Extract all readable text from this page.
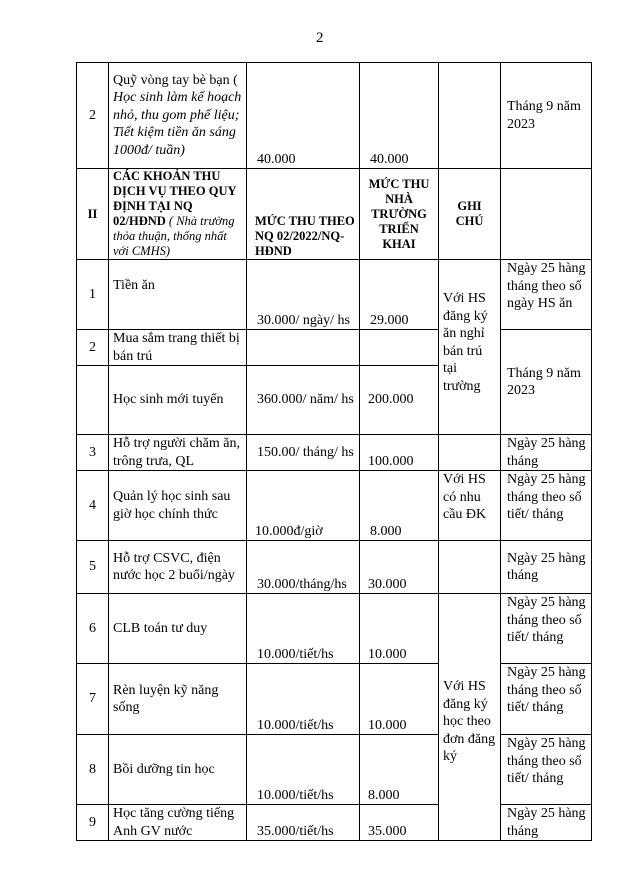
2
2	Quỹ vòng tay bè bạn ( Học sinh làm kế hoạch nhỏ, thu gom phế liệu; Tiết kiệm tiền ăn sáng 1000đ/ tuần)	40.000	40.000		Tháng 9 năm 2023
II	CÁC KHOẢN THU DỊCH VỤ THEO QUY ĐỊNH TẠI NQ 02/HĐND ( Nhà trường thỏa thuận, thống nhất với CMHS)	MỨC THU THEO NQ 02/2022/NQ-HĐND	MỨC THU NHÀ TRƯỜNG TRIỂN KHAI	GHI CHÚ	
1	Tiền ăn	30.000/ ngày/ hs	29.000	Với HS đăng ký ăn nghỉ bán trú tại trường	Ngày 25 hàng tháng theo số ngày HS ăn
2	Mua sắm trang thiết bị bán trú				Tháng 9 năm 2023
	Học sinh mới tuyển	360.000/ năm/ hs	200.000		
3	Hỗ trợ người chăm ăn, trông trưa, QL	150.00/ tháng/ hs	100.000		Ngày 25 hàng tháng
4	Quản lý học sinh sau giờ học chính thức	10.000đ/giờ	8.000	Với HS có nhu cầu ĐK	Ngày 25 hàng tháng theo số tiết/ tháng
5	Hỗ trợ CSVC, điện nước học 2 buổi/ngày	30.000/tháng/hs	30.000		Ngày 25 hàng tháng
6	CLB toán tư duy	10.000/tiết/hs	10.000	Với HS đăng ký học theo đơn đăng ký	Ngày 25 hàng tháng theo số tiết/ tháng
7	Rèn luyện kỹ năng sống	10.000/tiết/hs	10.000		Ngày 25 hàng tháng theo số tiết/ tháng
8	Bồi dưỡng tin học	10.000/tiết/hs	8.000		Ngày 25 hàng tháng theo số tiết/ tháng
9	Học tăng cường tiếng Anh GV nước	35.000/tiết/hs	35.000		Ngày 25 hàng tháng
